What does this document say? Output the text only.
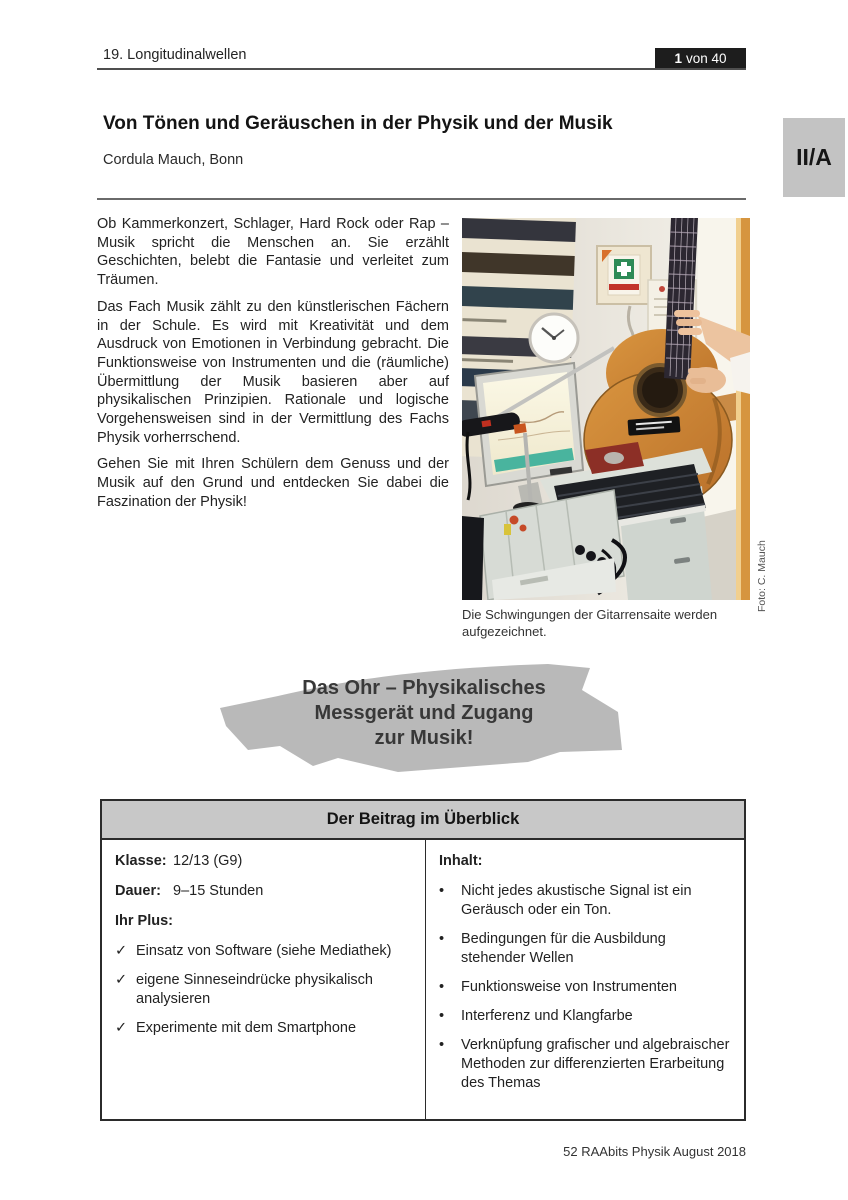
19. Longitudinalwellen	1 von 40
II/A
Von Tönen und Geräuschen in der Physik und der Musik
Cordula Mauch, Bonn

Ob Kammerkonzert, Schlager, Hard Rock oder Rap – Musik spricht die Menschen an. Sie erzählt Geschichten, belebt die Fantasie und verleitet zum Träumen.

Das Fach Musik zählt zu den künstlerischen Fächern in der Schule. Es wird mit Kreativität und dem Ausdruck von Emotionen in Verbindung gebracht. Die Funktionsweise von Instrumenten und die (räumliche) Übermittlung der Musik basieren aber auf physikalischen Prinzipien. Rationale und logische Vorgehensweisen sind in der Vermittlung des Fachs Physik vorherrschend.

Gehen Sie mit Ihren Schülern dem Genuss und der Musik auf den Grund und entdecken Sie dabei die Faszination der Physik!

Die Schwingungen der Gitarrensaite werden aufgezeichnet.
Foto: C. Mauch
Das Ohr – Physikalisches
Messgerät und Zugang
zur Musik!
Der Beitrag im Überblick
Klasse: 12/13 (G9)
Dauer: 9–15 Stunden
Ihr Plus:
✓ Einsatz von Software (siehe Mediathek)
✓ eigene Sinneseindrücke physikalisch analysieren
✓ Experimente mit dem Smartphone
Inhalt:
•	Nicht jedes akustische Signal ist ein Geräusch oder ein Ton.
•	Bedingungen für die Ausbildung stehender Wellen
•	Funktionsweise von Instrumenten
•	Interferenz und Klangfarbe
•	Verknüpfung grafischer und algebraischer Methoden zur differenzierten Erarbeitung des Themas
52 RAAbits Physik August 2018
